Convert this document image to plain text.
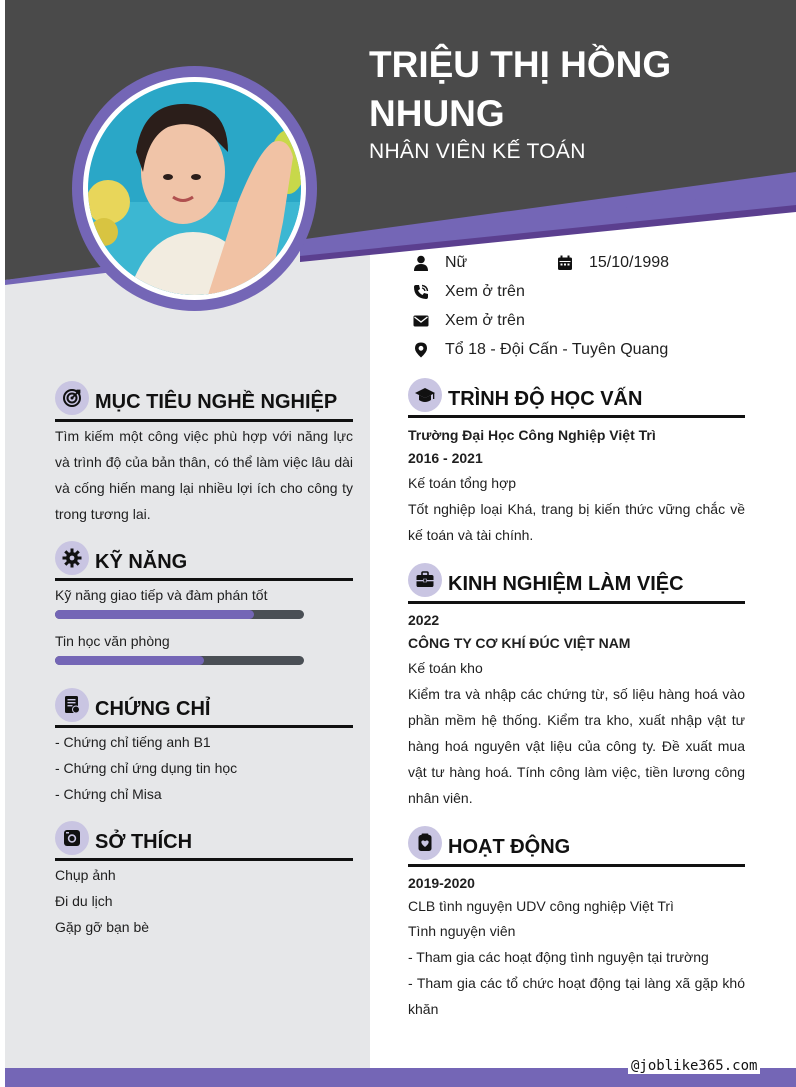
TRIỆU THỊ HỒNG
NHUNG
NHÂN VIÊN KẾ TOÁN
Nữ	15/10/1998
Xem ở trên
Xem ở trên
Tổ 18 - Đội Cấn - Tuyên Quang
MỤC TIÊU NGHỀ NGHIỆP
Tìm kiếm một công việc phù hợp với năng lực và trình độ của bản thân, có thể làm việc lâu dài và cống hiến mang lại nhiều lợi ích cho công ty trong tương lai.
KỸ NĂNG
Kỹ năng giao tiếp và đàm phán tốt
Tin học văn phòng
CHỨNG CHỈ
- Chứng chỉ tiếng anh B1
- Chứng chỉ ứng dụng tin học
- Chứng chỉ Misa
SỞ THÍCH
Chụp ảnh
Đi du lịch
Gặp gỡ bạn bè
TRÌNH ĐỘ HỌC VẤN
Trường Đại Học Công Nghiệp Việt Trì
2016 - 2021
Kế toán tổng hợp
Tốt nghiệp loại Khá, trang bị kiến thức vững chắc về kế toán và tài chính.
KINH NGHIỆM LÀM VIỆC
2022
CÔNG TY CƠ KHÍ ĐÚC VIỆT NAM
Kế toán kho
Kiểm tra và nhập các chứng từ, số liệu hàng hoá vào phần mềm hệ thống. Kiểm tra kho, xuất nhập vật tư hàng hoá nguyên vật liệu của công ty. Đề xuất mua vật tư hàng hoá. Tính công làm việc, tiền lương công nhân viên.
HOẠT ĐỘNG
2019-2020
CLB tình nguyện UDV công nghiệp Việt Trì
Tình nguyện viên
- Tham gia các hoạt động tình nguyện tại trường
- Tham gia các tổ chức hoạt động tại làng xã gặp khó khăn
@joblike365.com
